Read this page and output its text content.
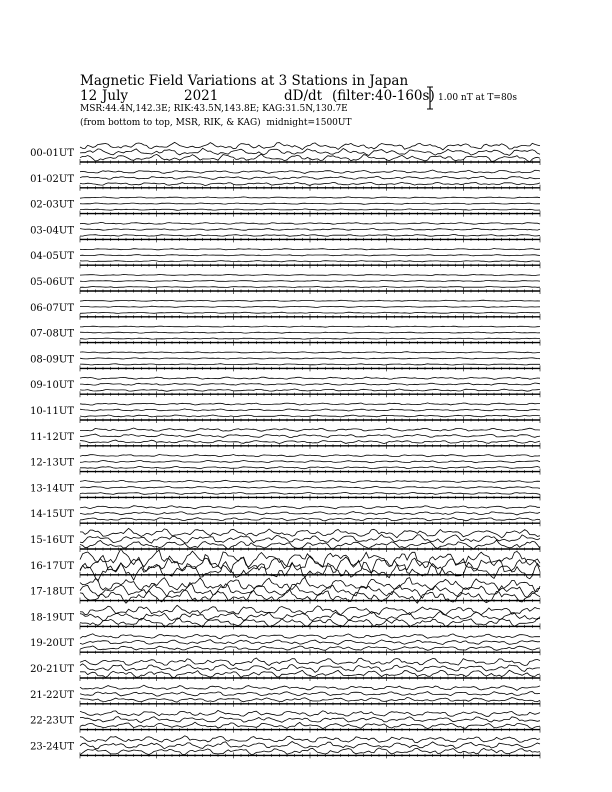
Magnetic Field Variations at 3 Stations in Japan
12 July	2021	dD/dt (filter:40-160s)
MSR:44.4N,142.3E; RIK:43.5N,143.8E; KAG:31.5N,130.7E
(from bottom to top, MSR, RIK, & KAG) midnight=1500UT
1.00 nT at T=80s
00-01UT
01-02UT
02-03UT
03-04UT
04-05UT
05-06UT
06-07UT
07-08UT
08-09UT
09-10UT
10-11UT
11-12UT
12-13UT
13-14UT
14-15UT
15-16UT
16-17UT
17-18UT
18-19UT
19-20UT
20-21UT
21-22UT
22-23UT
23-24UT
